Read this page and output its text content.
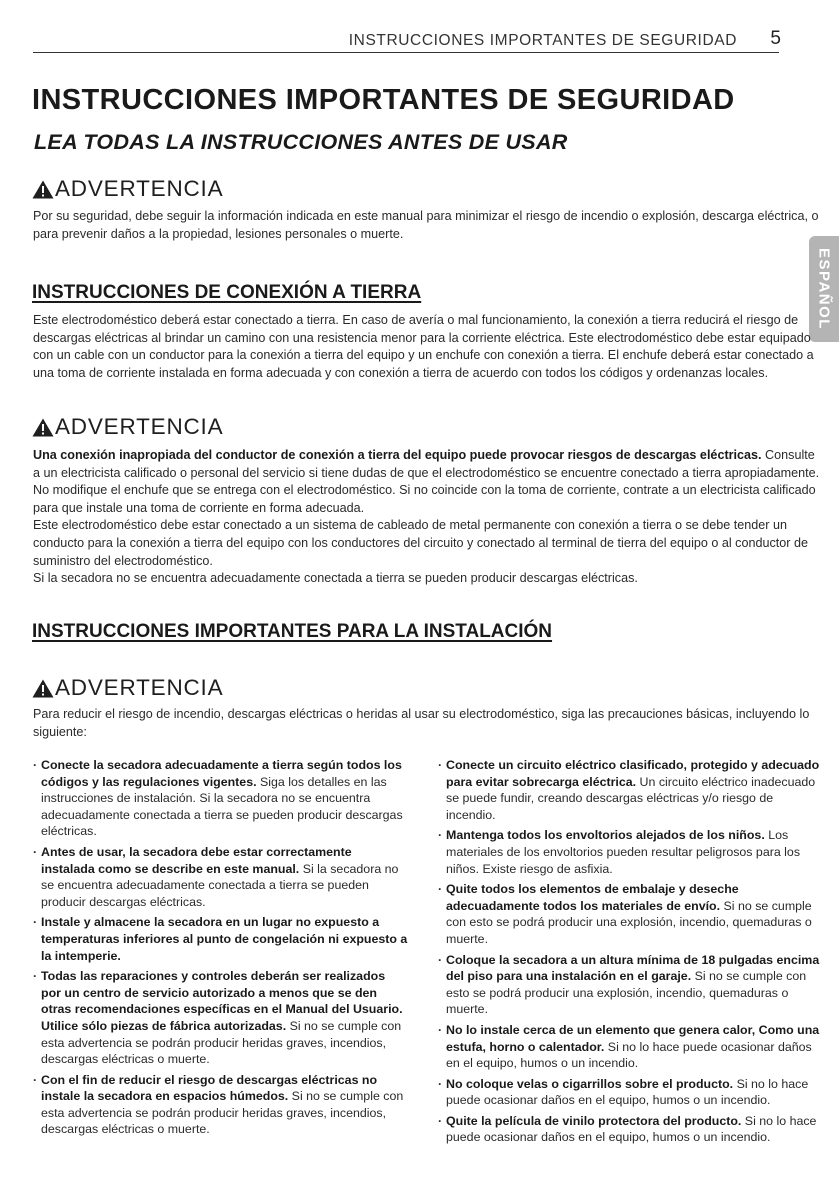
INSTRUCCIONES IMPORTANTES DE SEGURIDAD 5
ESPAÑOL
INSTRUCCIONES IMPORTANTES DE SEGURIDAD
LEA TODAS LA INSTRUCCIONES ANTES DE USAR
ADVERTENCIA

Por su seguridad, debe seguir la información indicada en este manual para minimizar el riesgo de incendio o explosión, descarga eléctrica, o para prevenir daños a la propiedad, lesiones personales o muerte.

INSTRUCCIONES DE CONEXIÓN A TIERRA

Este electrodoméstico deberá estar conectado a tierra. En caso de avería o mal funcionamiento, la conexión a tierra reducirá el riesgo de descargas eléctricas al brindar un camino con una resistencia menor para la corriente eléctrica. Este electrodoméstico debe estar equipado con un cable con un conductor para la conexión a tierra del equipo y un enchufe con conexión a tierra. El enchufe deberá estar conectado a una toma de corriente instalada en forma adecuada y con conexión a tierra de acuerdo con todos los códigos y ordenanzas locales.

ADVERTENCIA

Una conexión inapropiada del conductor de conexión a tierra del equipo puede provocar riesgos de descargas eléctricas. Consulte a un electricista calificado o personal del servicio si tiene dudas de que el electrodoméstico se encuentre conectado a tierra apropiadamente.

No modifique el enchufe que se entrega con el electrodoméstico. Si no coincide con la toma de corriente, contrate a un electricista calificado para que instale una toma de corriente en forma adecuada.

Este electrodoméstico debe estar conectado a un sistema de cableado de metal permanente con conexión a tierra o se debe tender un conducto para la conexión a tierra del equipo con los conductores del circuito y conectado al terminal de tierra del equipo o al conductor de suministro del electrodoméstico.

Si la secadora no se encuentra adecuadamente conectada a tierra se pueden producir descargas eléctricas.

INSTRUCCIONES IMPORTANTES PARA LA INSTALACIÓN
ADVERTENCIA

Para reducir el riesgo de incendio, descargas eléctricas o heridas al usar su electrodoméstico, siga las precauciones básicas, incluyendo lo siguiente:

· Conecte la secadora adecuadamente a tierra según todos los códigos y las regulaciones vigentes. Siga los detalles en las instrucciones de instalación. Si la secadora no se encuentra adecuadamente conectada a tierra se pueden producir descargas eléctricas.
· Antes de usar, la secadora debe estar correctamente instalada como se describe en este manual. Si la secadora no se encuentra adecuadamente conectada a tierra se pueden producir descargas eléctricas.
· Instale y almacene la secadora en un lugar no expuesto a temperaturas inferiores al punto de congelación ni expuesto a la intemperie.
· Todas las reparaciones y controles deberán ser realizados por un centro de servicio autorizado a menos que se den otras recomendaciones específicas en el Manual del Usuario. Utilice sólo piezas de fábrica autorizadas. Si no se cumple con esta advertencia se podrán producir heridas graves, incendios, descargas eléctricas o muerte.
· Con el fin de reducir el riesgo de descargas eléctricas no instale la secadora en espacios húmedos. Si no se cumple con esta advertencia se podrán producir heridas graves, incendios, descargas eléctricas o muerte.
· Conecte un circuito eléctrico clasificado, protegido y adecuado para evitar sobrecarga eléctrica. Un circuito eléctrico inadecuado se puede fundir, creando descargas eléctricas y/o riesgo de incendio.
· Mantenga todos los envoltorios alejados de los niños. Los materiales de los envoltorios pueden resultar peligrosos para los niños. Existe riesgo de asfixia.
· Quite todos los elementos de embalaje y deseche adecuadamente todos los materiales de envío. Si no se cumple con esto se podrá producir una explosión, incendio, quemaduras o muerte.
· Coloque la secadora a un altura mínima de 18 pulgadas encima del piso para una instalación en el garaje. Si no se cumple con esto se podrá producir una explosión, incendio, quemaduras o muerte.
· No lo instale cerca de un elemento que genera calor, Como una estufa, horno o calentador. Si no lo hace puede ocasionar daños en el equipo, humos o un incendio.
· No coloque velas o cigarrillos sobre el producto. Si no lo hace puede ocasionar daños en el equipo, humos o un incendio.
· Quite la película de vinilo protectora del producto. Si no lo hace puede ocasionar daños en el equipo, humos o un incendio.
